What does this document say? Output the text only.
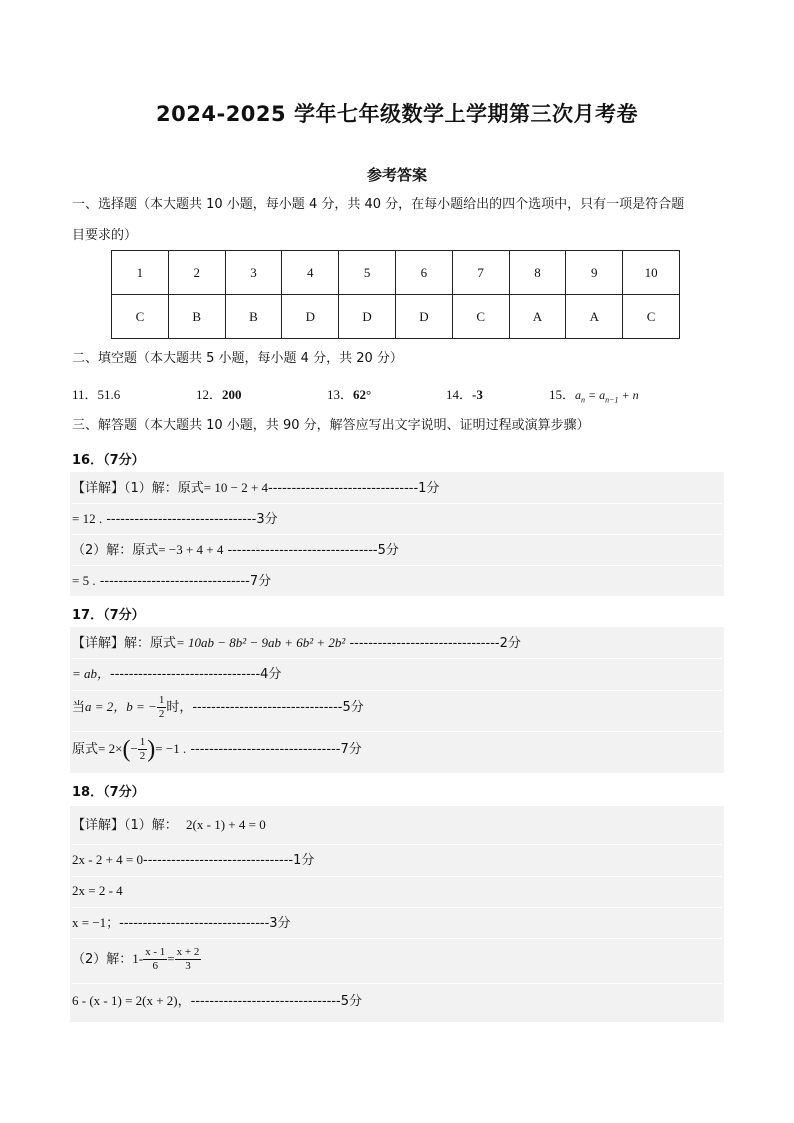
2024-2025 学年七年级数学上学期第三次月考卷
参考答案
一、选择题（本大题共 10 小题，每小题 4 分，共 40 分，在每小题给出的四个选项中，只有一项是符合题
目要求的）
1	2	3	4	5	6	7	8	9	10
C	B	B	D	D	D	C	A	A	C
二、填空题（本大题共 5 小题，每小题 4 分，共 20 分）
11．51.6	12．200	13．62°	14．-3	15．$a_n = a_{n-1} + n$
三、解答题（本大题共 10 小题，共 90 分，解答应写出文字说明、证明过程或演算步骤）
16．（7分）
【详解】（1）解：原式= 10 − 2 + 4--------------------------------1分
= 12 . --------------------------------3分
（2）解：原式= −3 + 4 + 4 --------------------------------5分
= 5 . --------------------------------7分
17．（7分）
【详解】解：原式= 10ab − 8b² − 9ab + 6b² + 2b² --------------------------------2分
= ab，--------------------------------4分
当a = 2，b = − $\frac{1}{2}$ 时，--------------------------------5分
原式= $2\times(- \frac{1}{2}$ )= −1 . --------------------------------7分
18．（7分）
【详解】（1）解： 2(x - 1) + 4 = 0
2x - 2 + 4 = 0--------------------------------1分
2x = 2 - 4
x = −1；--------------------------------3分
（2）解：$1- \frac{x - 1}{6} = \frac{x + 2}{3}$
6 - (x - 1) = 2(x + 2)，--------------------------------5分
